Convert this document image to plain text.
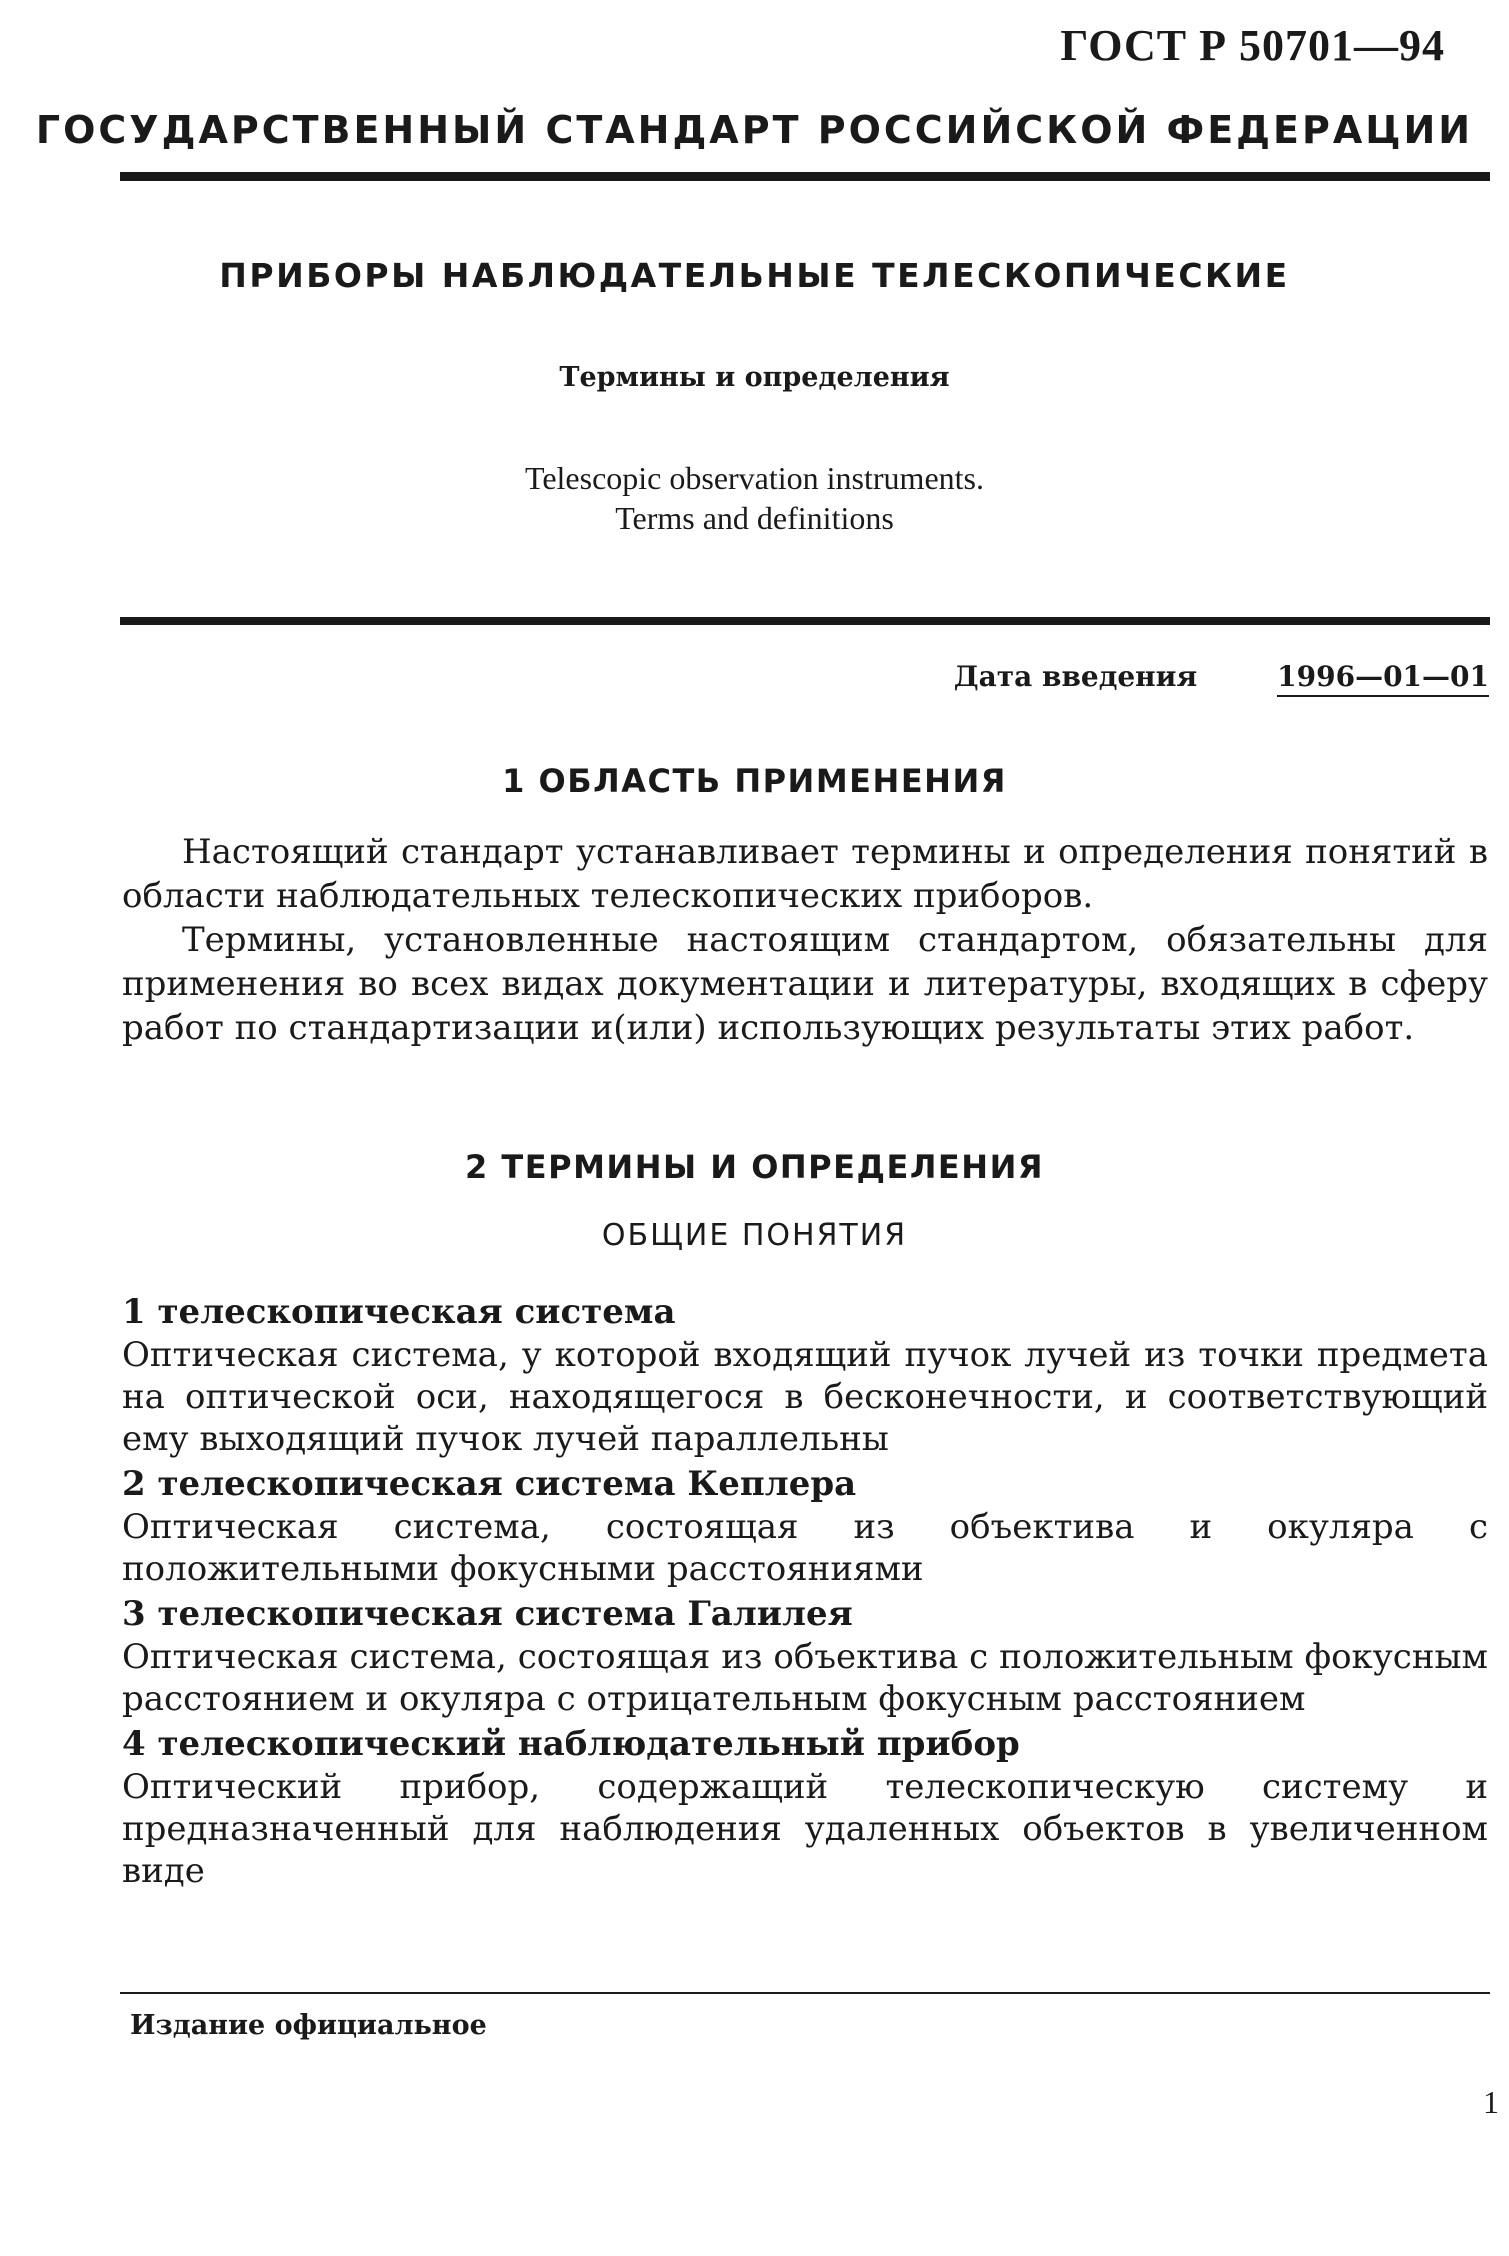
ГОСТ Р 50701—94
ГОСУДАРСТВЕННЫЙ СТАНДАРТ РОССИЙСКОЙ ФЕДЕРАЦИИ
ПРИБОРЫ НАБЛЮДАТЕЛЬНЫЕ ТЕЛЕСКОПИЧЕСКИЕ
Термины и определения
Telescopic observation instruments.
Terms and definitions
Дата введения	1996—01—01
1 ОБЛАСТЬ ПРИМЕНЕНИЯ

Настоящий стандарт устанавливает термины и определения понятий в области наблюдательных телескопических приборов.

Термины, установленные настоящим стандартом, обязательны для применения во всех видах документации и литературы, входящих в сферу работ по стандартизации и(или) использующих результаты этих работ.

2 ТЕРМИНЫ И ОПРЕДЕЛЕНИЯ
ОБЩИЕ ПОНЯТИЯ

1 телескопическая система

Оптическая система, у которой входящий пучок лучей из точки предмета на оптической оси, находящегося в бесконечности, и соответствующий ему выходящий пучок лучей параллельны

2 телескопическая система Кеплера

Оптическая система, состоящая из объектива и окуляра с положительными фокусными расстояниями

3 телескопическая система Галилея

Оптическая система, состоящая из объектива с положительным фокусным расстоянием и окуляра с отрицательным фокусным расстоянием

4 телескопический наблюдательный прибор

Оптический прибор, содержащий телескопическую систему и предназначенный для наблюдения удаленных объектов в увеличенном виде

Издание официальное
1
